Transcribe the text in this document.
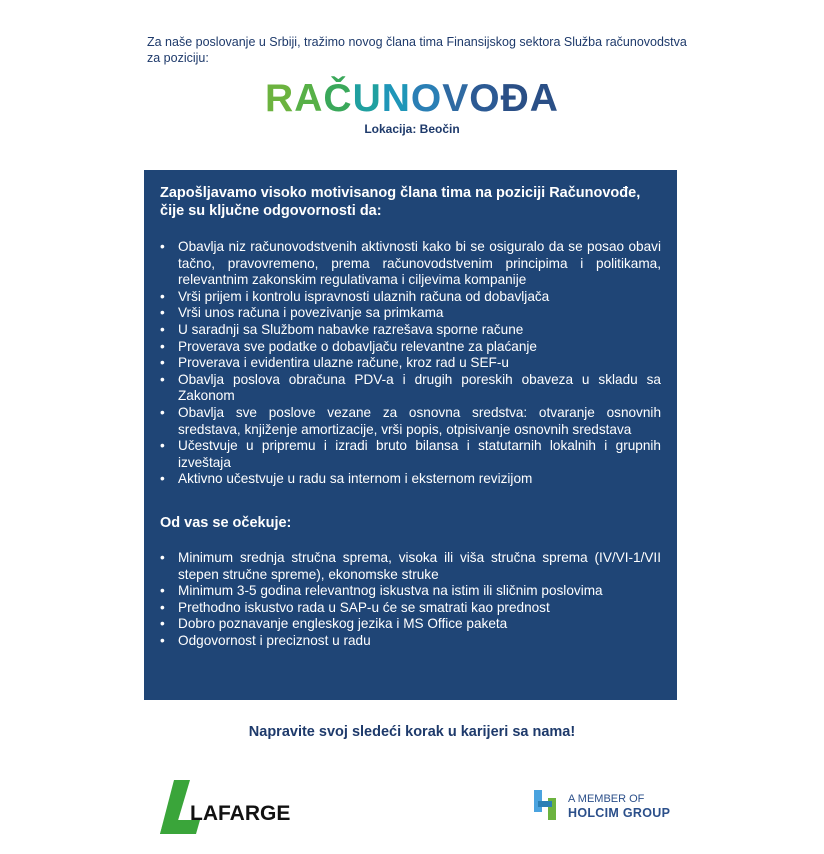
Za naše poslovanje u Srbiji, tražimo novog člana tima Finansijskog sektora Služba računovodstva za poziciju:
RAČUNOVOĐA
Lokacija: Beočin
Zapošljavamo visoko motivisanog člana tima na poziciji Računovođe, čije su ključne odgovornosti da:
• Obavlja niz računovodstvenih aktivnosti kako bi se osiguralo da se posao obavi tačno, pravovremeno, prema računovodstvenim principima i politikama, relevantnim zakonskim regulativama i ciljevima kompanije
• Vrši prijem i kontrolu ispravnosti ulaznih računa od dobavljača
• Vrši unos računa i povezivanje sa primkama
• U saradnji sa Službom nabavke razrešava sporne račune
• Proverava sve podatke o dobavljaču relevantne za plaćanje
• Proverava i evidentira ulazne račune, kroz rad u SEF-u
• Obavlja poslova obračuna PDV-a i drugih poreskih obaveza u skladu sa Zakonom
• Obavlja sve poslove vezane za osnovna sredstva: otvaranje osnovnih sredstava, knjiženje amortizacije, vrši popis, otpisivanje osnovnih sredstava
• Učestvuje u pripremu i izradi bruto bilansa i statutarnih lokalnih i grupnih izveštaja
• Aktivno učestvuje u radu sa internom i eksternom revizijom
Od vas se očekuje:
• Minimum srednja stručna sprema, visoka ili viša stručna sprema (IV/VI-1/VII stepen stručne spreme), ekonomske struke
• Minimum 3-5 godina relevantnog iskustva na istim ili sličnim poslovima
• Prethodno iskustvo rada u SAP-u će se smatrati kao prednost
• Dobro poznavanje engleskog jezika i MS Office paketa
• Odgovornost i preciznost u radu
Napravite svoj sledeći korak u karijeri sa nama!
LAFARGE
A MEMBER OF
HOLCIM GROUP
